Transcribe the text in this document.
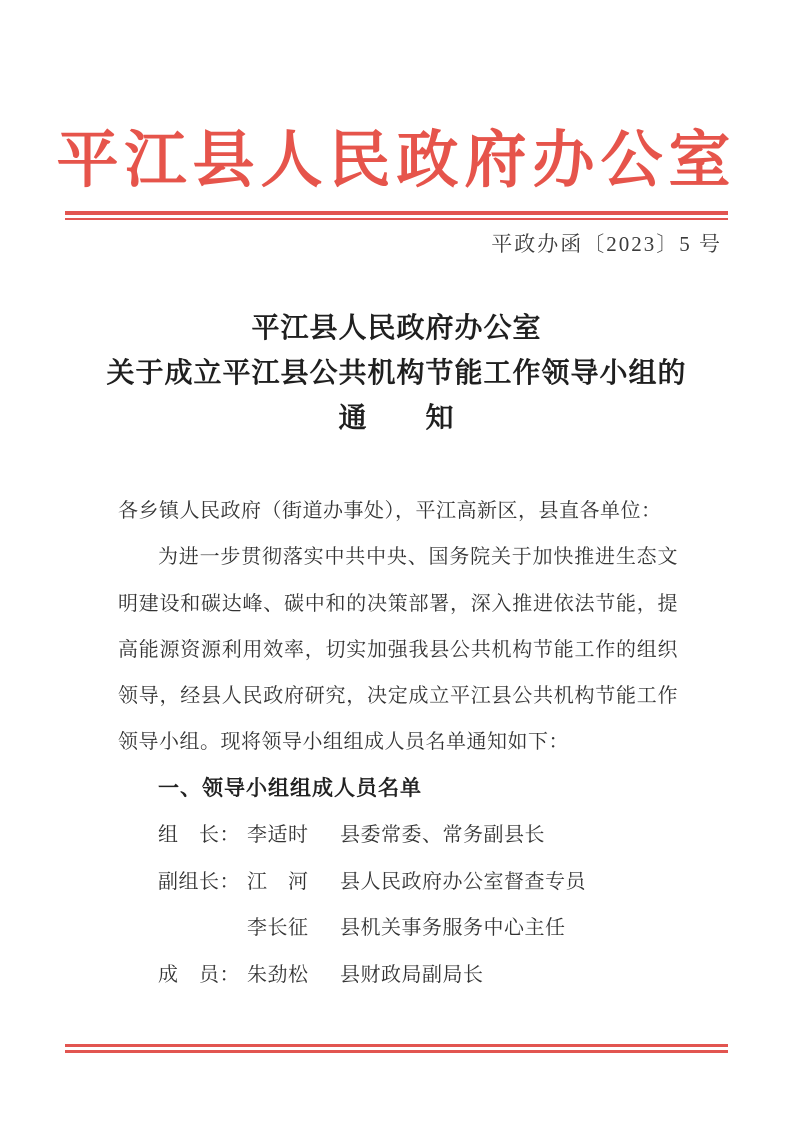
平江县人民政府办公室
平政办函〔2023〕5 号
平江县人民政府办公室
关于成立平江县公共机构节能工作领导小组的
通　　知
各乡镇人民政府（街道办事处），平江高新区，县直各单位：
为进一步贯彻落实中共中央、国务院关于加快推进生态文
明建设和碳达峰、碳中和的决策部署，深入推进依法节能，提
高能源资源利用效率，切实加强我县公共机构节能工作的组织
领导，经县人民政府研究，决定成立平江县公共机构节能工作
领导小组。现将领导小组组成人员名单通知如下：
一、领导小组组成人员名单
组　长： 李适时	县委常委、常务副县长
副组长： 江　河	县人民政府办公室督查专员
李长征	县机关事务服务中心主任
成　员： 朱劲松	县财政局副局长
